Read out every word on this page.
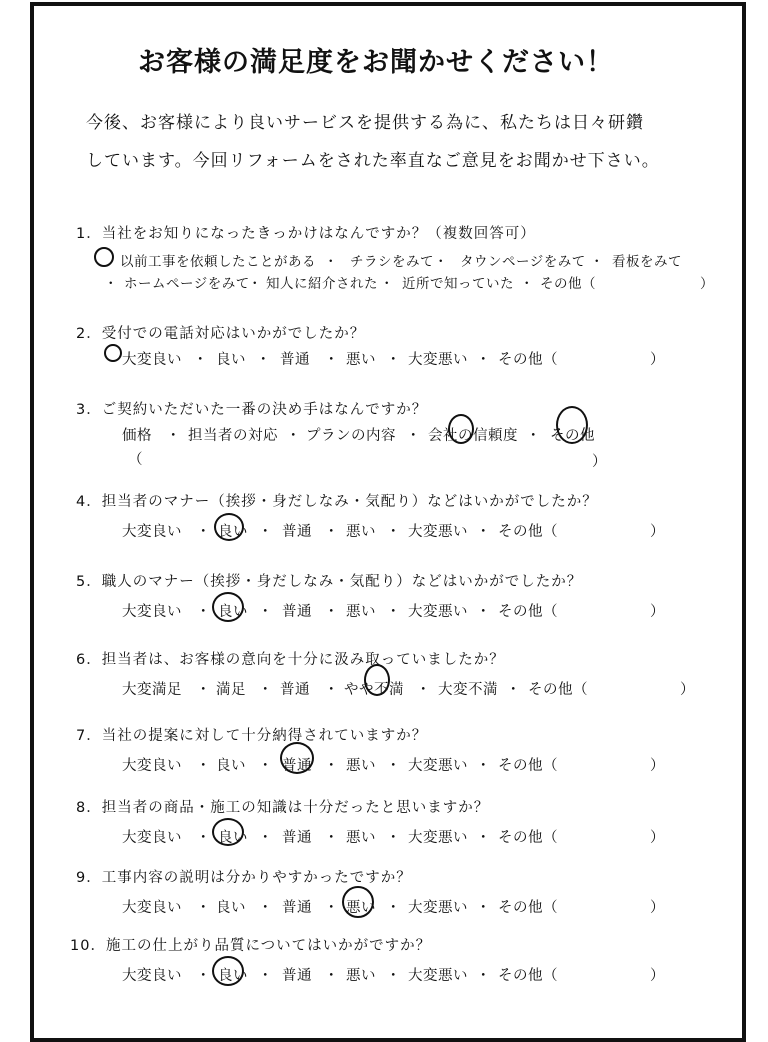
お客様の満足度をお聞かせください！
今後、お客様により良いサービスを提供する為に、私たちは日々研鑽
しています。今回リフォームをされた率直なご意見をお聞かせ下さい。
1．当社をお知りになったきっかけはなんですか？（複数回答可）
以前工事を依頼したことがある ・ チラシをみて ・ タウンページをみて ・ 看板をみて
・ ホームページをみて
・ 知人に紹介された ・ 近所で知っていた ・ その他（	）
2．受付での電話対応はいかがでしたか？
大変良い ・ 良い ・ 普通 ・ 悪い ・ 大変悪い ・ その他（	）
3．ご契約いただいた一番の決め手はなんですか？
価格 ・ 担当者の対応 ・ プランの内容 ・ 会社の信頼度 ・ その他
（	）
4．担当者のマナー（挨拶・身だしなみ・気配り）などはいかがでしたか？
大変良い ・ 良い ・ 普通 ・ 悪い ・ 大変悪い ・ その他（	）
5．職人のマナー（挨拶・身だしなみ・気配り）などはいかがでしたか？
大変良い ・ 良い ・ 普通 ・ 悪い ・ 大変悪い ・ その他（	）
6．担当者は、お客様の意向を十分に汲み取っていましたか？
大変満足 ・ 満足 ・ 普通 ・ やや不満 ・ 大変不満 ・ その他（	）
7．当社の提案に対して十分納得されていますか？
大変良い ・ 良い ・ 普通 ・ 悪い ・ 大変悪い ・ その他（	）
8．担当者の商品・施工の知識は十分だったと思いますか？
大変良い ・ 良い ・ 普通 ・ 悪い ・ 大変悪い ・ その他（	）
9．工事内容の説明は分かりやすかったですか？
大変良い ・ 良い ・ 普通 ・ 悪い ・ 大変悪い ・ その他（	）
10．施工の仕上がり品質についてはいかがですか？
大変良い ・ 良い ・ 普通 ・ 悪い ・ 大変悪い ・ その他（	）
